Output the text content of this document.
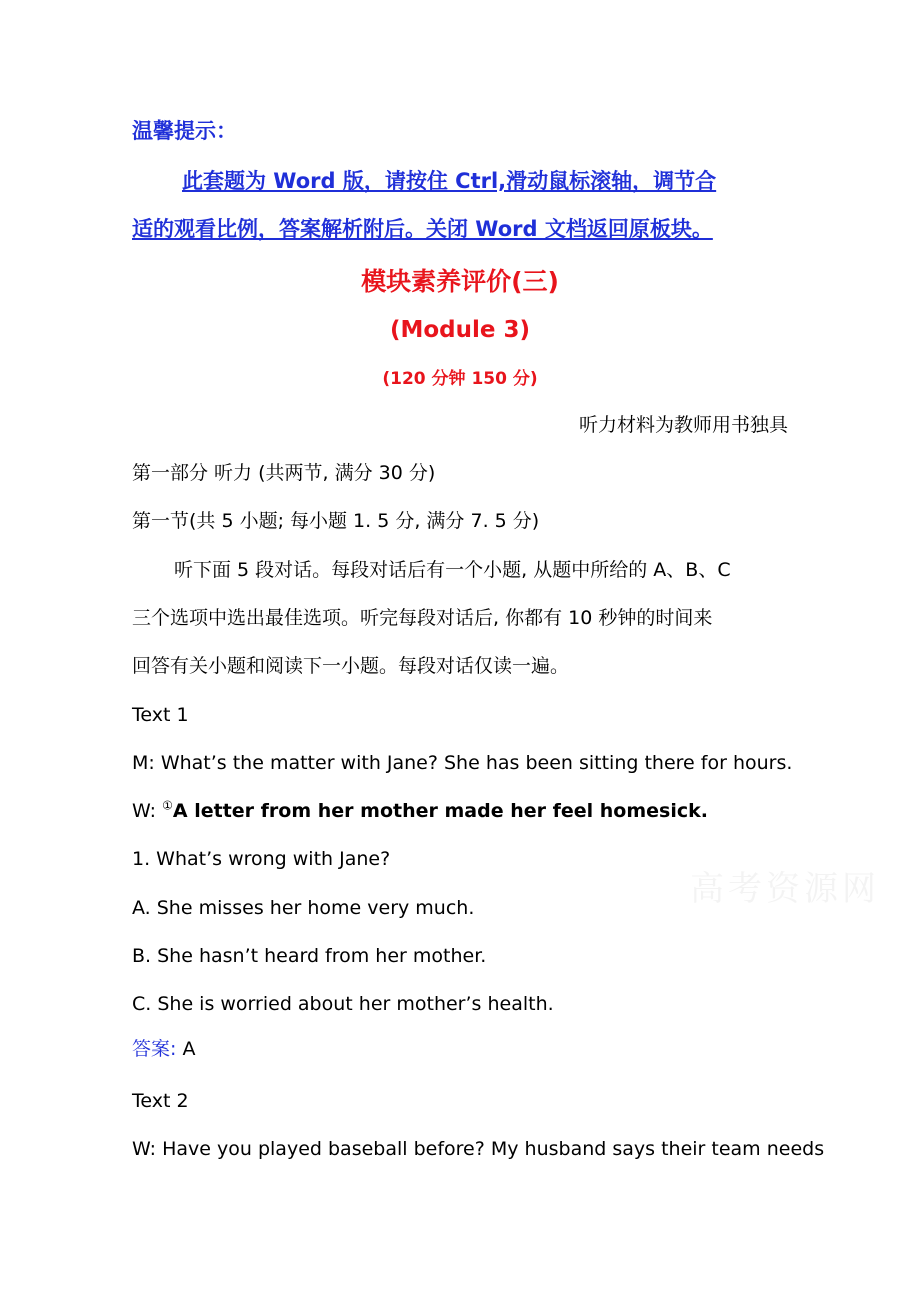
温馨提示：
此套题为 Word 版，请按住 Ctrl,滑动鼠标滚轴，调节合
适的观看比例，答案解析附后。关闭 Word 文档返回原板块。
模块素养评价(三)
(Module 3)
(120 分钟 150 分)
听力材料为教师用书独具
第一部分 听力 (共两节, 满分 30 分)
第一节(共 5 小题; 每小题 1. 5 分, 满分 7. 5 分)
听下面 5 段对话。每段对话后有一个小题, 从题中所给的 A、B、C
三个选项中选出最佳选项。听完每段对话后, 你都有 10 秒钟的时间来
回答有关小题和阅读下一小题。每段对话仅读一遍。
Text 1
M: What’s the matter with Jane? She has been sitting there for hours.
W: ①A letter from her mother made her feel homesick.
1. What’s wrong with Jane?
A. She misses her home very much.
B. She hasn’t heard from her mother.
C. She is worried about her mother’s health.
答案: A
Text 2
W: Have you played baseball before? My husband says their team needs
高考资源网
